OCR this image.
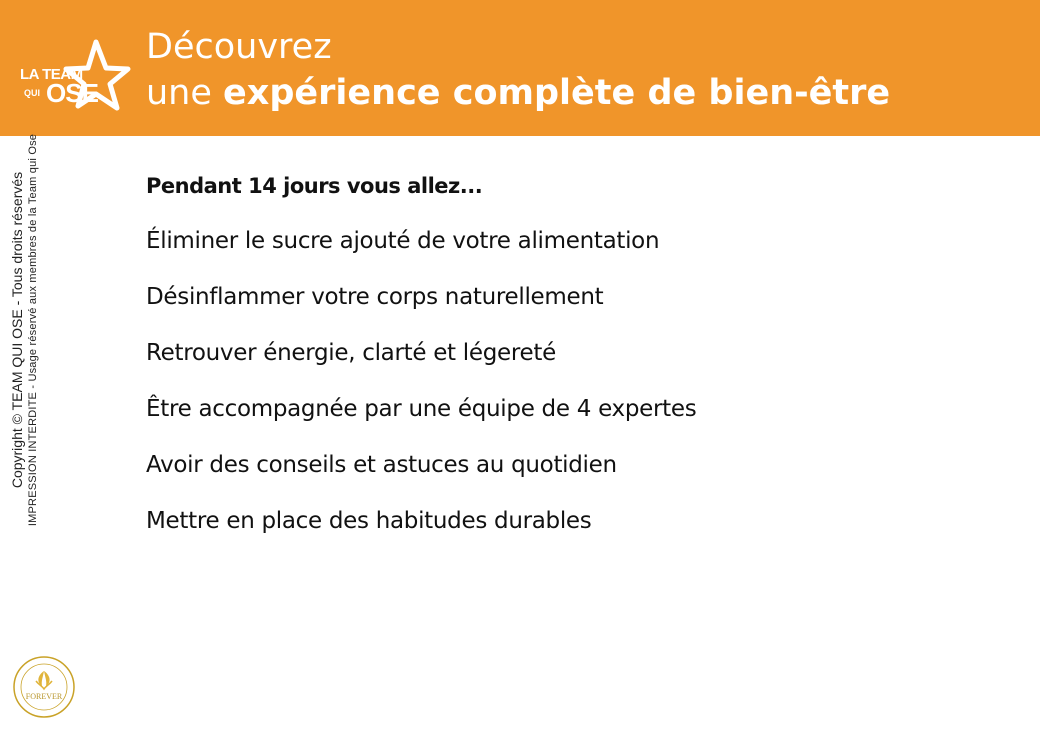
LA TEAM
QUI OSE
Découvrez
une expérience complète de bien-être
Copyright © TEAM QUI OSE - Tous droits réservés IMPRESSION INTERDITE - Usage réservé aux membres de la Team qui Ose
FOREVER
Pendant 14 jours vous allez...
Éliminer le sucre ajouté de votre alimentation
Désinflammer votre corps naturellement
Retrouver énergie, clarté et légereté
Être accompagnée par une équipe de 4 expertes
Avoir des conseils et astuces au quotidien
Mettre en place des habitudes durables
